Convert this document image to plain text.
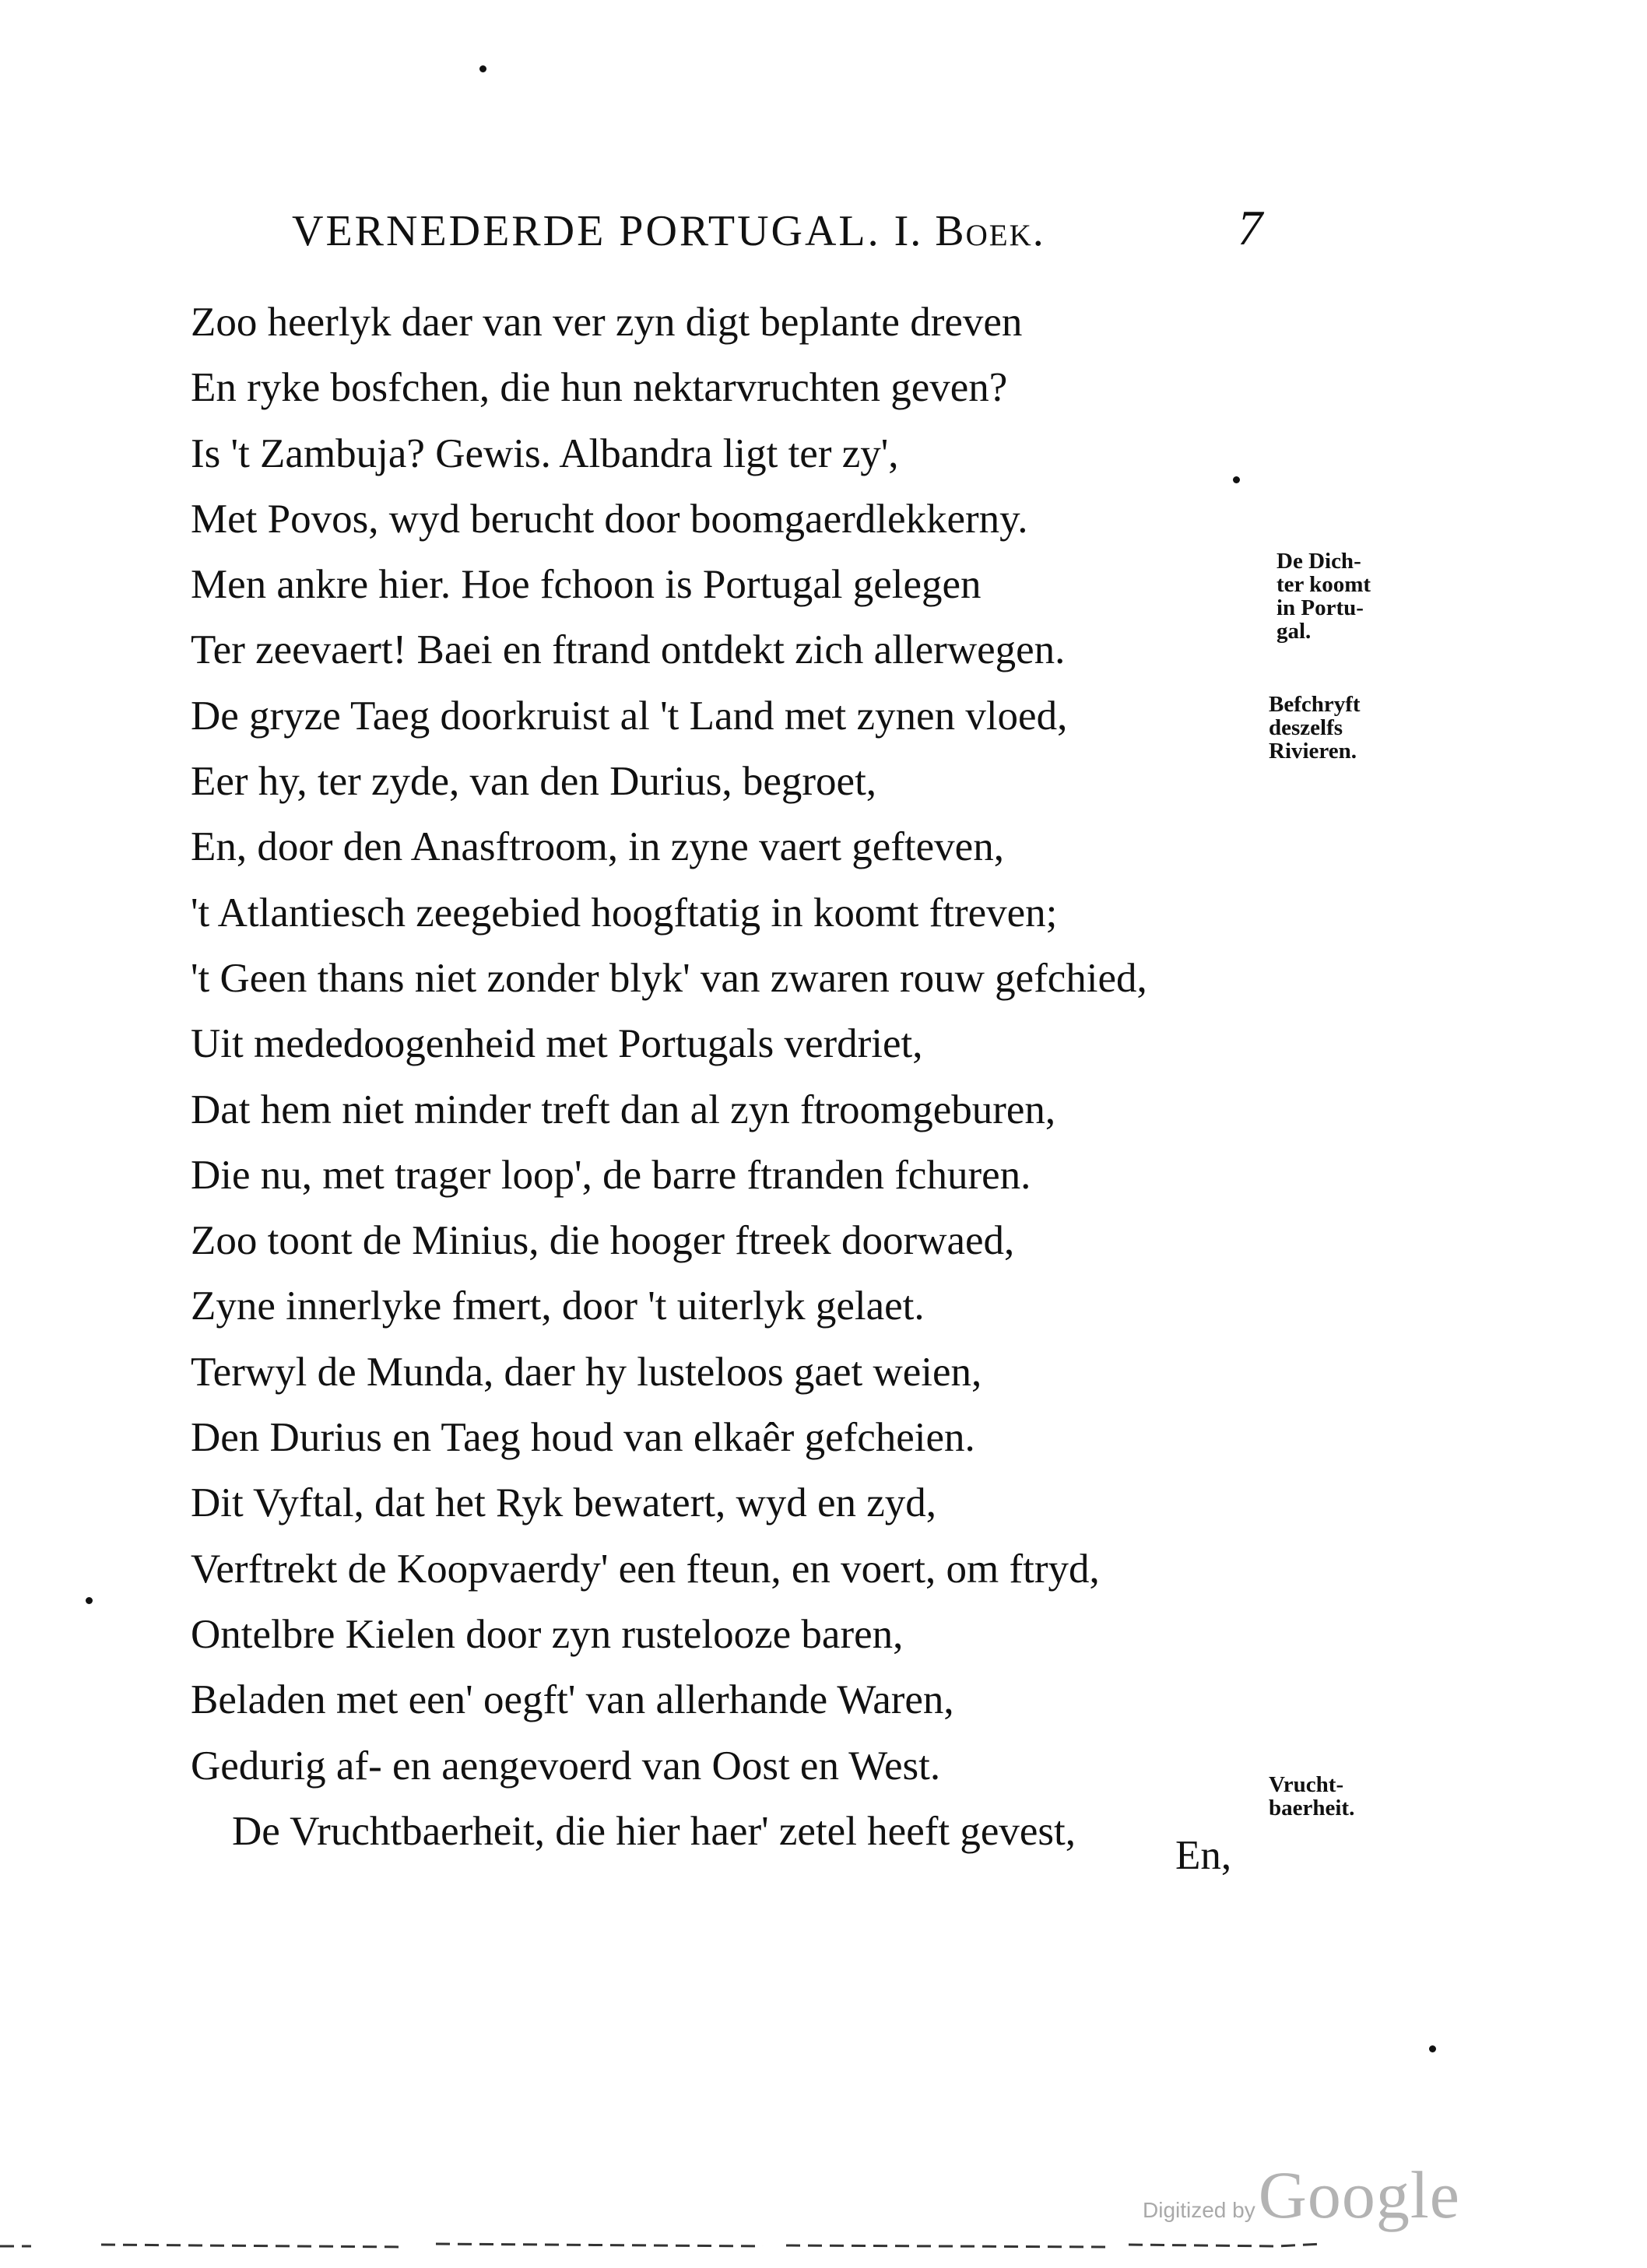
VERNEDERDE PORTUGAL. I. Boek.	7
Zoo heerlyk daer van ver zyn digt beplante dreven
En ryke bosfchen, die hun nektarvruchten geven?
Is 't Zambuja? Gewis. Albandra ligt ter zy',
Met Povos, wyd berucht door boomgaerdlekkerny.
Men ankre hier. Hoe fchoon is Portugal gelegen
Ter zeevaert! Baei en ftrand ontdekt zich allerwegen.
De gryze Taeg doorkruist al 't Land met zynen vloed,
Eer hy, ter zyde, van den Durius, begroet,
En, door den Anasftroom, in zyne vaert gefteven,
't Atlantiesch zeegebied hoogftatig in koomt ftreven;
't Geen thans niet zonder blyk' van zwaren rouw gefchied,
Uit mededoogenheid met Portugals verdriet,
Dat hem niet minder treft dan al zyn ftroomgeburen,
Die nu, met trager loop', de barre ftranden fchuren.
Zoo toont de Minius, die hooger ftreek doorwaed,
Zyne innerlyke fmert, door 't uiterlyk gelaet.
Terwyl de Munda, daer hy lusteloos gaet weien,
Den Durius en Taeg houd van elkaêr gefcheien.
Dit Vyftal, dat het Ryk bewatert, wyd en zyd,
Verftrekt de Koopvaerdy' een fteun, en voert, om ftryd,
Ontelbre Kielen door zyn rustelooze baren,
Beladen met een' oegft' van allerhande Waren,
Gedurig af- en aengevoerd van Oost en West.
De Vruchtbaerheit, die hier haer' zetel heeft gevest,
En,
De Dich-
ter koomt
in Portu-
gal.
Befchryft
deszelfs
Rivieren.
Vrucht-
baerheit.
Digitized by Google
